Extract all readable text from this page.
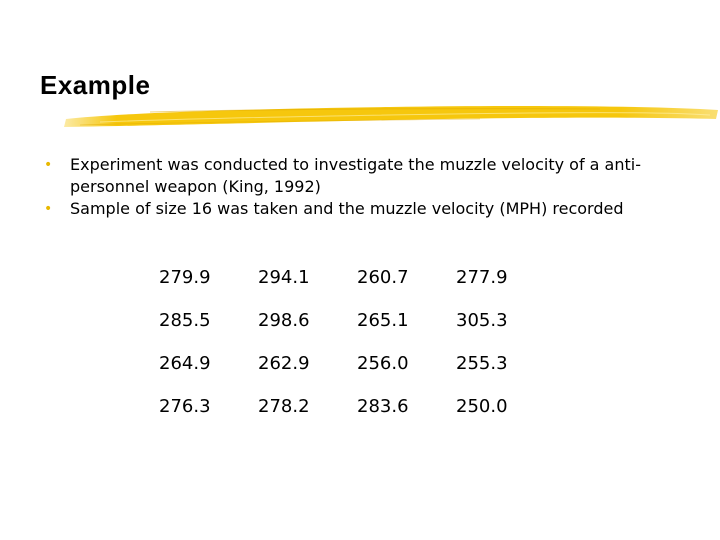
Example
• Experiment was conducted to investigate the muzzle velocity of a anti-personnel weapon (King, 1992)
• Sample of size 16 was taken and the muzzle velocity (MPH) recorded
279.9	294.1	260.7	277.9
285.5	298.6	265.1	305.3
264.9	262.9	256.0	255.3
276.3	278.2	283.6	250.0
